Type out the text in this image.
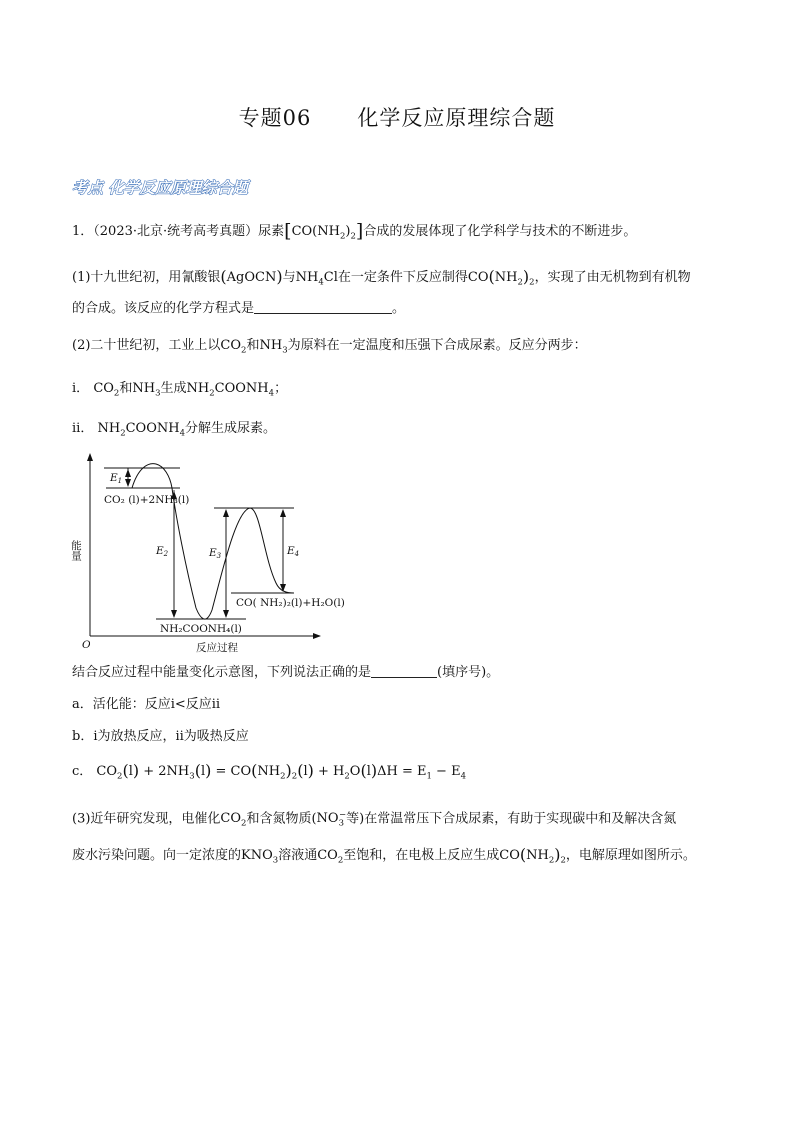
专题06 化学反应原理综合题
考点 化学反应原理综合题
1．（2023·北京·统考高考真题）尿素$[CO(NH_2)_2]$合成的发展体现了化学科学与技术的不断进步。
(1)十九世纪初，用氰酸银(AgOCN)与$NH_4Cl$在一定条件下反应制得$CO(NH_2)_2$，实现了由无机物到有机物
的合成。该反应的化学方程式是	。
(2)二十世纪初，工业上以$CO_2$和$NH_3$为原料在一定温度和压强下合成尿素。反应分两步：
ⅰ． $CO_2$和$NH_3$生成$NH_2COONH_4$；
ⅱ． $NH_2COONH_4$分解生成尿素。
能量
反应过程
O
E1
E2	E3	E4
CO₂ (l)+2NH₃(l)
NH₂COONH₄(l)
CO( NH₂)₂(l)+H₂O(l)
结合反应过程中能量变化示意图，下列说法正确的是	(填序号)。
a．活化能：反应ⅰ<反应ⅱ
b．ⅰ为放热反应，ⅱ为吸热反应
c． $CO_2(l) + 2NH_3(l) = CO(NH_2)_2(l) + H_2O(l)\Delta H = E_1 - E_4$
(3)近年研究发现，电催化$CO_2$和含氮物质($NO_3^-$等)在常温常压下合成尿素，有助于实现碳中和及解决含氮
废水污染问题。向一定浓度的$KNO_3$溶液通$CO_2$至饱和，在电极上反应生成$CO(NH_2)_2$，电解原理如图所示。
